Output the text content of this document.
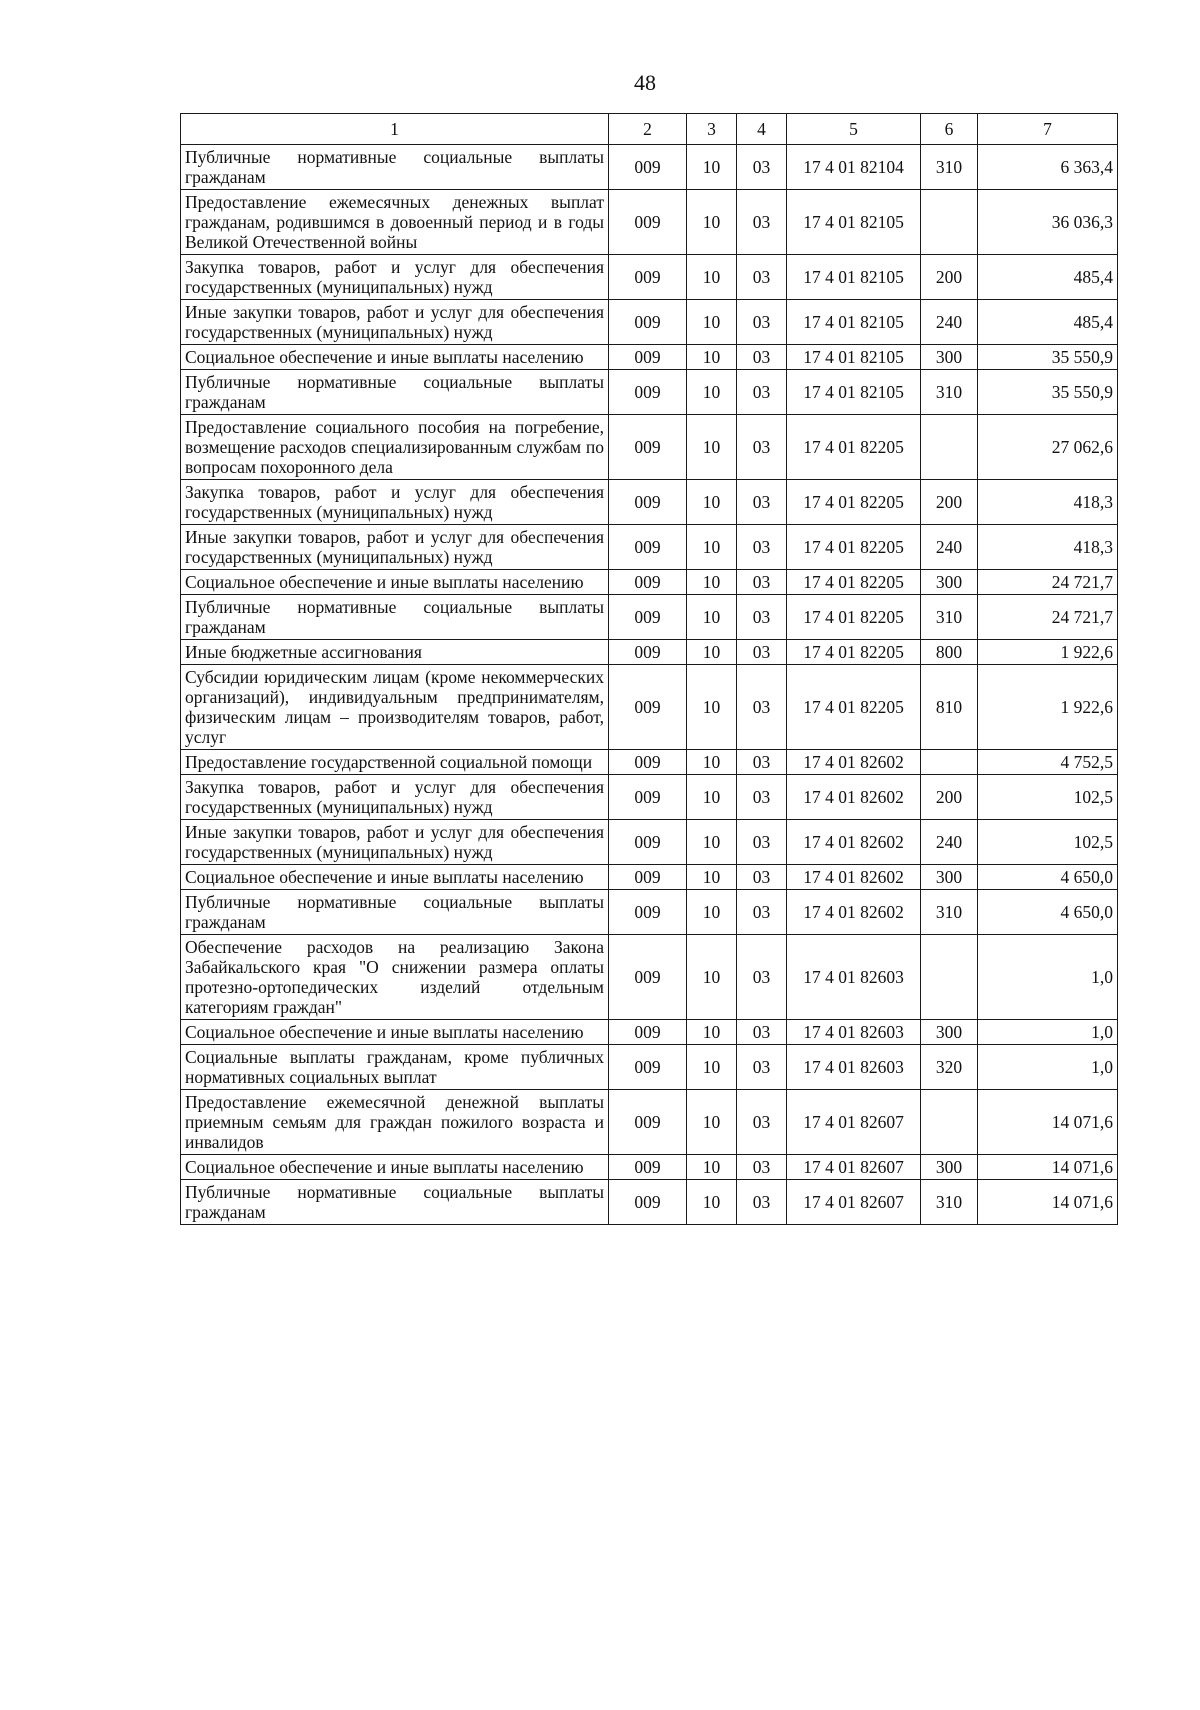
48
1	2	3	4	5	6	7
Публичные нормативные социальные выплаты гражданам	009	10	03	17 4 01 82104	310	6 363,4
Предоставление ежемесячных денежных выплат гражданам, родившимся в довоенный период и в годы Великой Отечественной войны	009	10	03	17 4 01 82105		36 036,3
Закупка товаров, работ и услуг для обеспечения государственных (муниципальных) нужд	009	10	03	17 4 01 82105	200	485,4
Иные закупки товаров, работ и услуг для обеспечения государственных (муниципальных) нужд	009	10	03	17 4 01 82105	240	485,4
Социальное обеспечение и иные выплаты населению	009	10	03	17 4 01 82105	300	35 550,9
Публичные нормативные социальные выплаты гражданам	009	10	03	17 4 01 82105	310	35 550,9
Предоставление социального пособия на погребение, возмещение расходов специализированным службам по вопросам похоронного дела	009	10	03	17 4 01 82205		27 062,6
Закупка товаров, работ и услуг для обеспечения государственных (муниципальных) нужд	009	10	03	17 4 01 82205	200	418,3
Иные закупки товаров, работ и услуг для обеспечения государственных (муниципальных) нужд	009	10	03	17 4 01 82205	240	418,3
Социальное обеспечение и иные выплаты населению	009	10	03	17 4 01 82205	300	24 721,7
Публичные нормативные социальные выплаты гражданам	009	10	03	17 4 01 82205	310	24 721,7
Иные бюджетные ассигнования	009	10	03	17 4 01 82205	800	1 922,6
Субсидии юридическим лицам (кроме некоммерческих организаций), индивидуальным предпринимателям, физическим лицам – производителям товаров, работ, услуг	009	10	03	17 4 01 82205	810	1 922,6
Предоставление государственной социальной помощи	009	10	03	17 4 01 82602		4 752,5
Закупка товаров, работ и услуг для обеспечения государственных (муниципальных) нужд	009	10	03	17 4 01 82602	200	102,5
Иные закупки товаров, работ и услуг для обеспечения государственных (муниципальных) нужд	009	10	03	17 4 01 82602	240	102,5
Социальное обеспечение и иные выплаты населению	009	10	03	17 4 01 82602	300	4 650,0
Публичные нормативные социальные выплаты гражданам	009	10	03	17 4 01 82602	310	4 650,0
Обеспечение расходов на реализацию Закона Забайкальского края "О снижении размера оплаты протезно-ортопедических изделий отдельным категориям граждан"	009	10	03	17 4 01 82603		1,0
Социальное обеспечение и иные выплаты населению	009	10	03	17 4 01 82603	300	1,0
Социальные выплаты гражданам, кроме публичных нормативных социальных выплат	009	10	03	17 4 01 82603	320	1,0
Предоставление ежемесячной денежной выплаты приемным семьям для граждан пожилого возраста и инвалидов	009	10	03	17 4 01 82607		14 071,6
Социальное обеспечение и иные выплаты населению	009	10	03	17 4 01 82607	300	14 071,6
Публичные нормативные социальные выплаты гражданам	009	10	03	17 4 01 82607	310	14 071,6
